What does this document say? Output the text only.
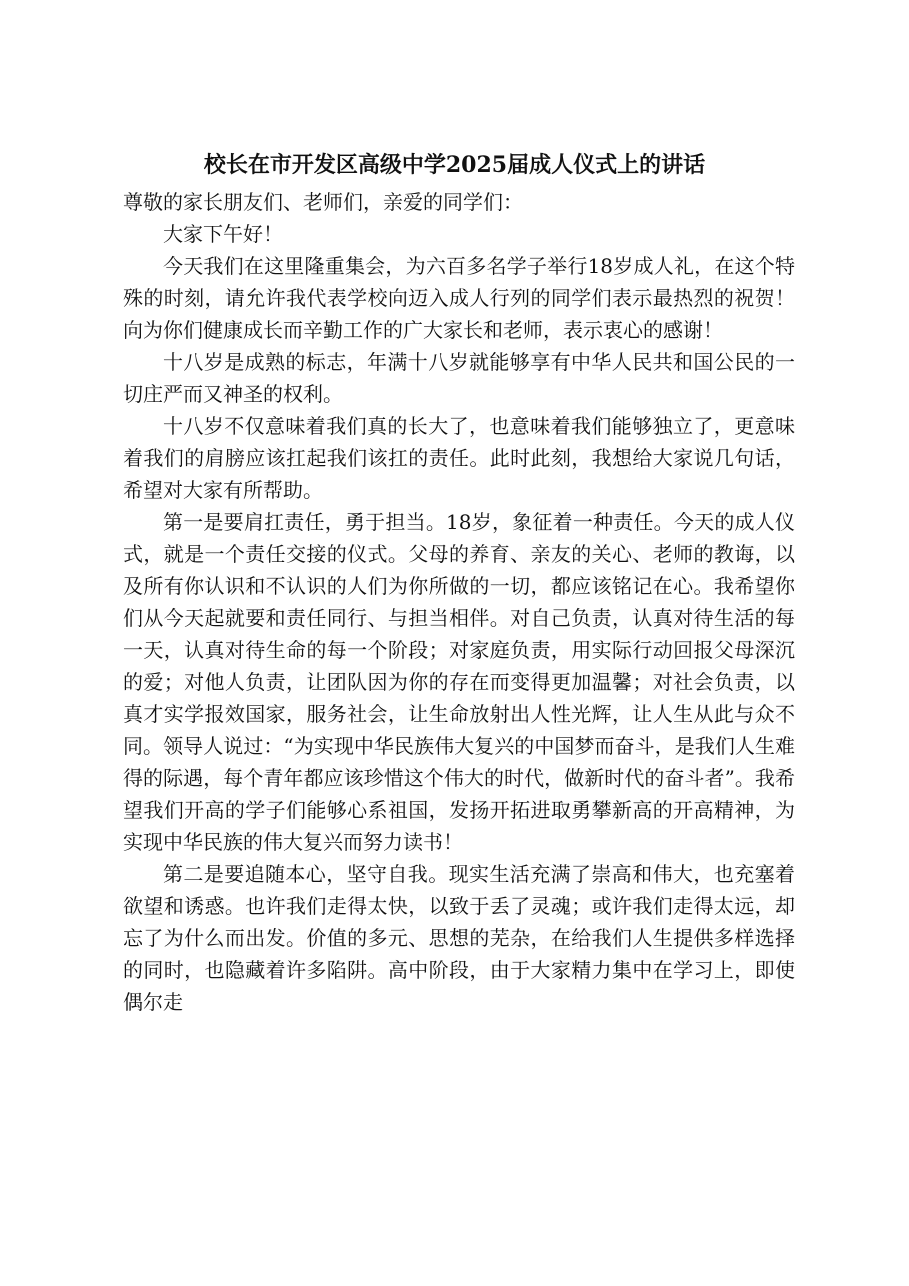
校长在市开发区高级中学2025届成人仪式上的讲话

尊敬的家长朋友们、老师们，亲爱的同学们：

大家下午好！

今天我们在这里隆重集会，为六百多名学子举行18岁成人礼，在这个特殊的时刻，请允许我代表学校向迈入成人行列的同学们表示最热烈的祝贺！向为你们健康成长而辛勤工作的广大家长和老师，表示衷心的感谢！

十八岁是成熟的标志，年满十八岁就能够享有中华人民共和国公民的一切庄严而又神圣的权利。

十八岁不仅意味着我们真的长大了，也意味着我们能够独立了，更意味着我们的肩膀应该扛起我们该扛的责任。此时此刻，我想给大家说几句话，希望对大家有所帮助。

第一是要肩扛责任，勇于担当。18岁，象征着一种责任。今天的成人仪式，就是一个责任交接的仪式。父母的养育、亲友的关心、老师的教诲，以及所有你认识和不认识的人们为你所做的一切，都应该铭记在心。我希望你们从今天起就要和责任同行、与担当相伴。对自己负责，认真对待生活的每一天，认真对待生命的每一个阶段；对家庭负责，用实际行动回报父母深沉的爱；对他人负责，让团队因为你的存在而变得更加温馨；对社会负责，以真才实学报效国家，服务社会，让生命放射出人性光辉，让人生从此与众不同。领导人说过：“为实现中华民族伟大复兴的中国梦而奋斗，是我们人生难得的际遇，每个青年都应该珍惜这个伟大的时代，做新时代的奋斗者”。我希望我们开高的学子们能够心系祖国，发扬开拓进取勇攀新高的开高精神，为实现中华民族的伟大复兴而努力读书！

第二是要追随本心，坚守自我。现实生活充满了崇高和伟大，也充塞着欲望和诱惑。也许我们走得太快，以致于丢了灵魂；或许我们走得太远，却忘了为什么而出发。价值的多元、思想的芜杂，在给我们人生提供多样选择的同时，也隐藏着许多陷阱。高中阶段，由于大家精力集中在学习上，即使偶尔走
